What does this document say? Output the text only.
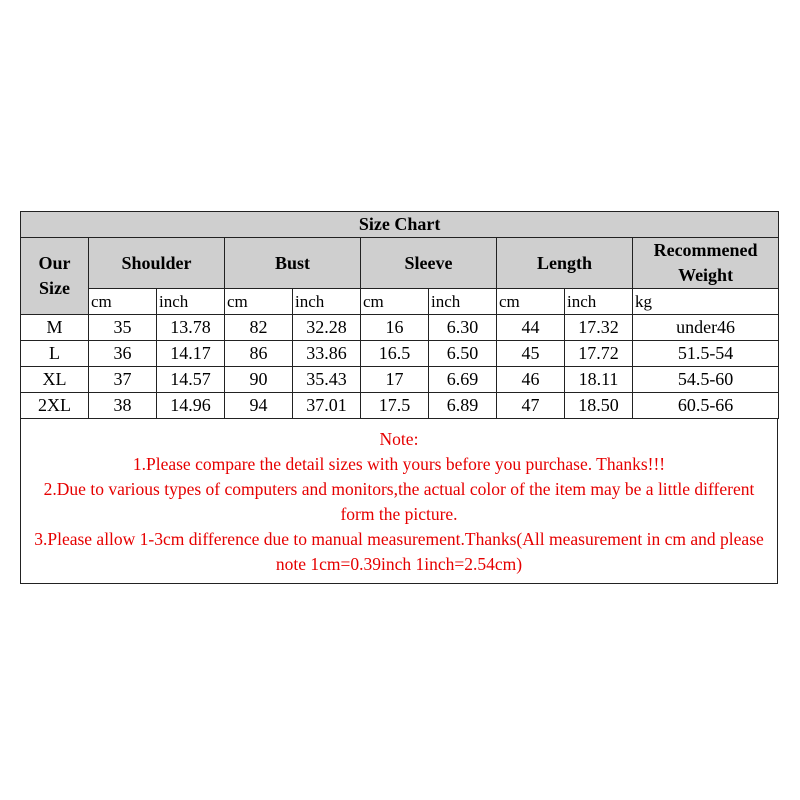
Size Chart									
Our Size	Shoulder		Bust		Sleeve		Length		Recommened Weight
	cm	inch	cm	inch	cm	inch	cm	inch	kg
M	35	13.78	82	32.28	16	6.30	44	17.32	under46
L	36	14.17	86	33.86	16.5	6.50	45	17.72	51.5-54
XL	37	14.57	90	35.43	17	6.69	46	18.11	54.5-60
2XL	38	14.96	94	37.01	17.5	6.89	47	18.50	60.5-66
Note:
1.Please compare the detail sizes with yours before you purchase. Thanks!!!
2.Due to various types of computers and monitors,the actual color of the item may be a little different form the picture.
3.Please allow 1-3cm difference due to manual measurement.Thanks(All measurement in cm and please note 1cm=0.39inch 1inch=2.54cm)
